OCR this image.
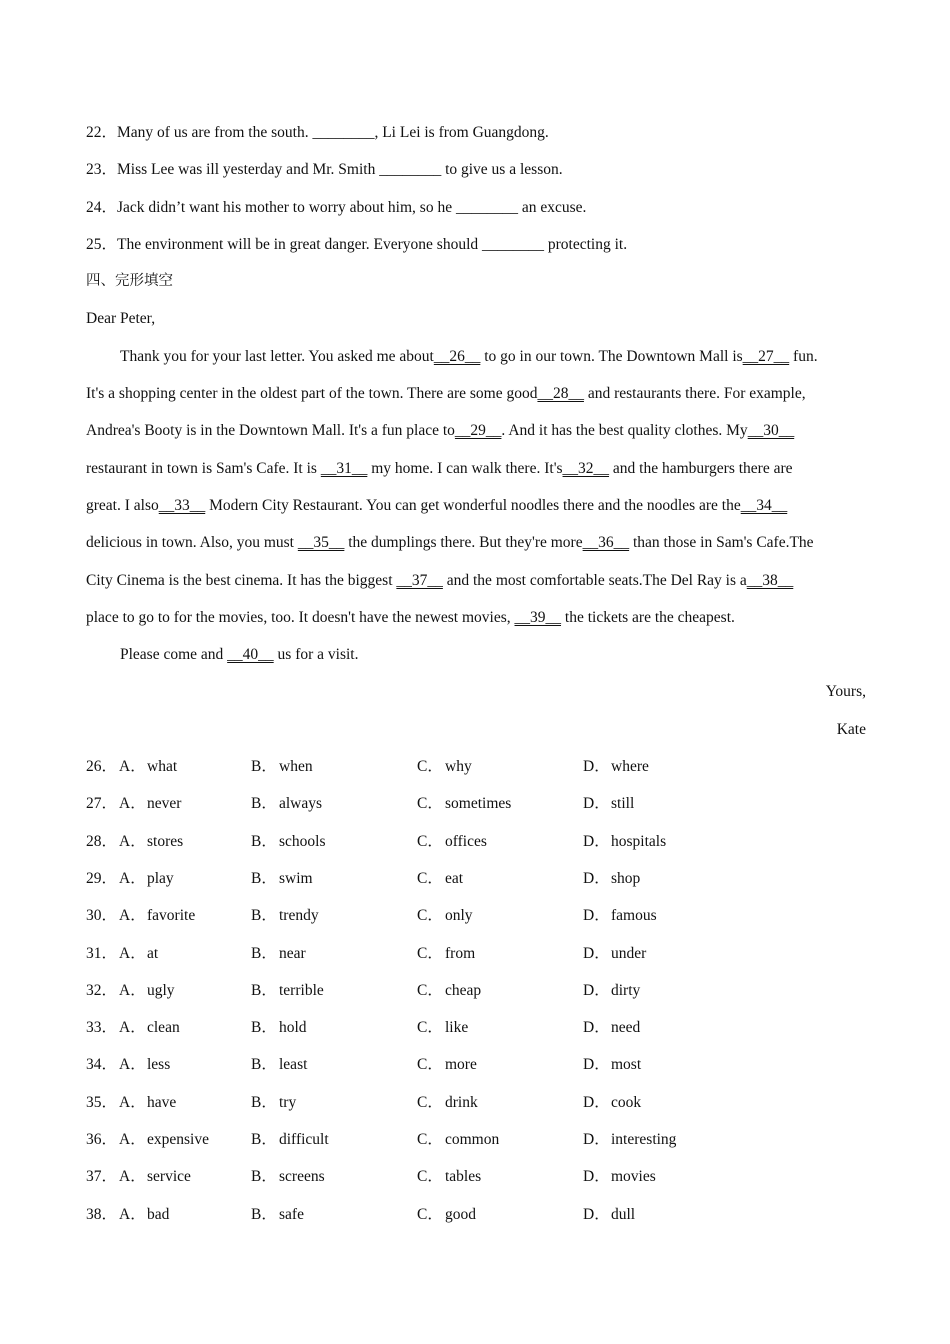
22．Many of us are from the south. ________, Li Lei is from Guangdong.
23．Miss Lee was ill yesterday and Mr. Smith ________ to give us a lesson.
24．Jack didn’t want his mother to worry about him, so he ________ an excuse.
25．The environment will be in great danger. Everyone should ________ protecting it.
四、完形填空
Dear Peter,
Thank you for your last letter. You asked me about__26__ to go in our town. The Downtown Mall is__27__ fun.
It's a shopping center in the oldest part of the town. There are some good__28__ and restaurants there. For example,
Andrea's Booty is in the Downtown Mall. It's a fun place to__29__. And it has the best quality clothes. My__30__
restaurant in town is Sam's Cafe. It is __31__ my home. I can walk there. It's__32__ and the hamburgers there are
great. I also__33__ Modern City Restaurant. You can get wonderful noodles there and the noodles are the__34__
delicious in town. Also, you must __35__ the dumplings there. But they're more__36__ than those in Sam's Cafe.The
City Cinema is the best cinema. It has the biggest __37__ and the most comfortable seats.The Del Ray is a__38__
place to go to for the movies, too. It doesn't have the newest movies, __39__ the tickets are the cheapest.
Please come and __40__ us for a visit.
Yours,
Kate
26． A．what	B． when	C． why	D．where
27． A．never	B． always	C． sometimes	D．still
28． A．stores	B． schools	C． offices	D．hospitals
29． A．play	B． swim	C． eat	D．shop
30． A．favorite	B． trendy	C． only	D．famous
31． A．at	B． near	C． from	D．under
32． A．ugly	B． terrible	C． cheap	D．dirty
33． A．clean	B． hold	C． like	D．need
34． A．less	B． least	C． more	D．most
35． A．have	B． try	C． drink	D．cook
36． A．expensive	B． difficult	C． common	D．interesting
37． A．service	B． screens	C． tables	D．movies
38． A．bad	B． safe	C． good	D．dull
